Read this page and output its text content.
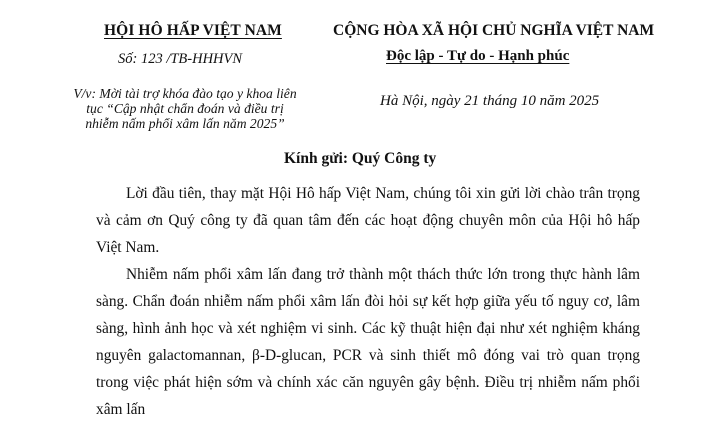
HỘI HÔ HẤP VIỆT NAM
Số: 123 /TB-HHHVN
V/v: Mời tài trợ khóa đào tạo y khoa liên tục “Cập nhật chẩn đoán và điều trị nhiễm nấm phổi xâm lấn năm 2025”
CỘNG HÒA XÃ HỘI CHỦ NGHĨA VIỆT NAM
Độc lập - Tự do - Hạnh phúc
Hà Nội, ngày 21 tháng 10 năm 2025
Kính gửi: Quý Công ty

Lời đầu tiên, thay mặt Hội Hô hấp Việt Nam, chúng tôi xin gửi lời chào trân trọng và cảm ơn Quý công ty đã quan tâm đến các hoạt động chuyên môn của Hội hô hấp Việt Nam.

Nhiễm nấm phổi xâm lấn đang trở thành một thách thức lớn trong thực hành lâm sàng. Chẩn đoán nhiễm nấm phổi xâm lấn đòi hỏi sự kết hợp giữa yếu tố nguy cơ, lâm sàng, hình ảnh học và xét nghiệm vi sinh. Các kỹ thuật hiện đại như xét nghiệm kháng nguyên galactomannan, β-D-glucan, PCR và sinh thiết mô đóng vai trò quan trọng trong việc phát hiện sớm và chính xác căn nguyên gây bệnh. Điều trị nhiễm nấm phổi xâm lấn
